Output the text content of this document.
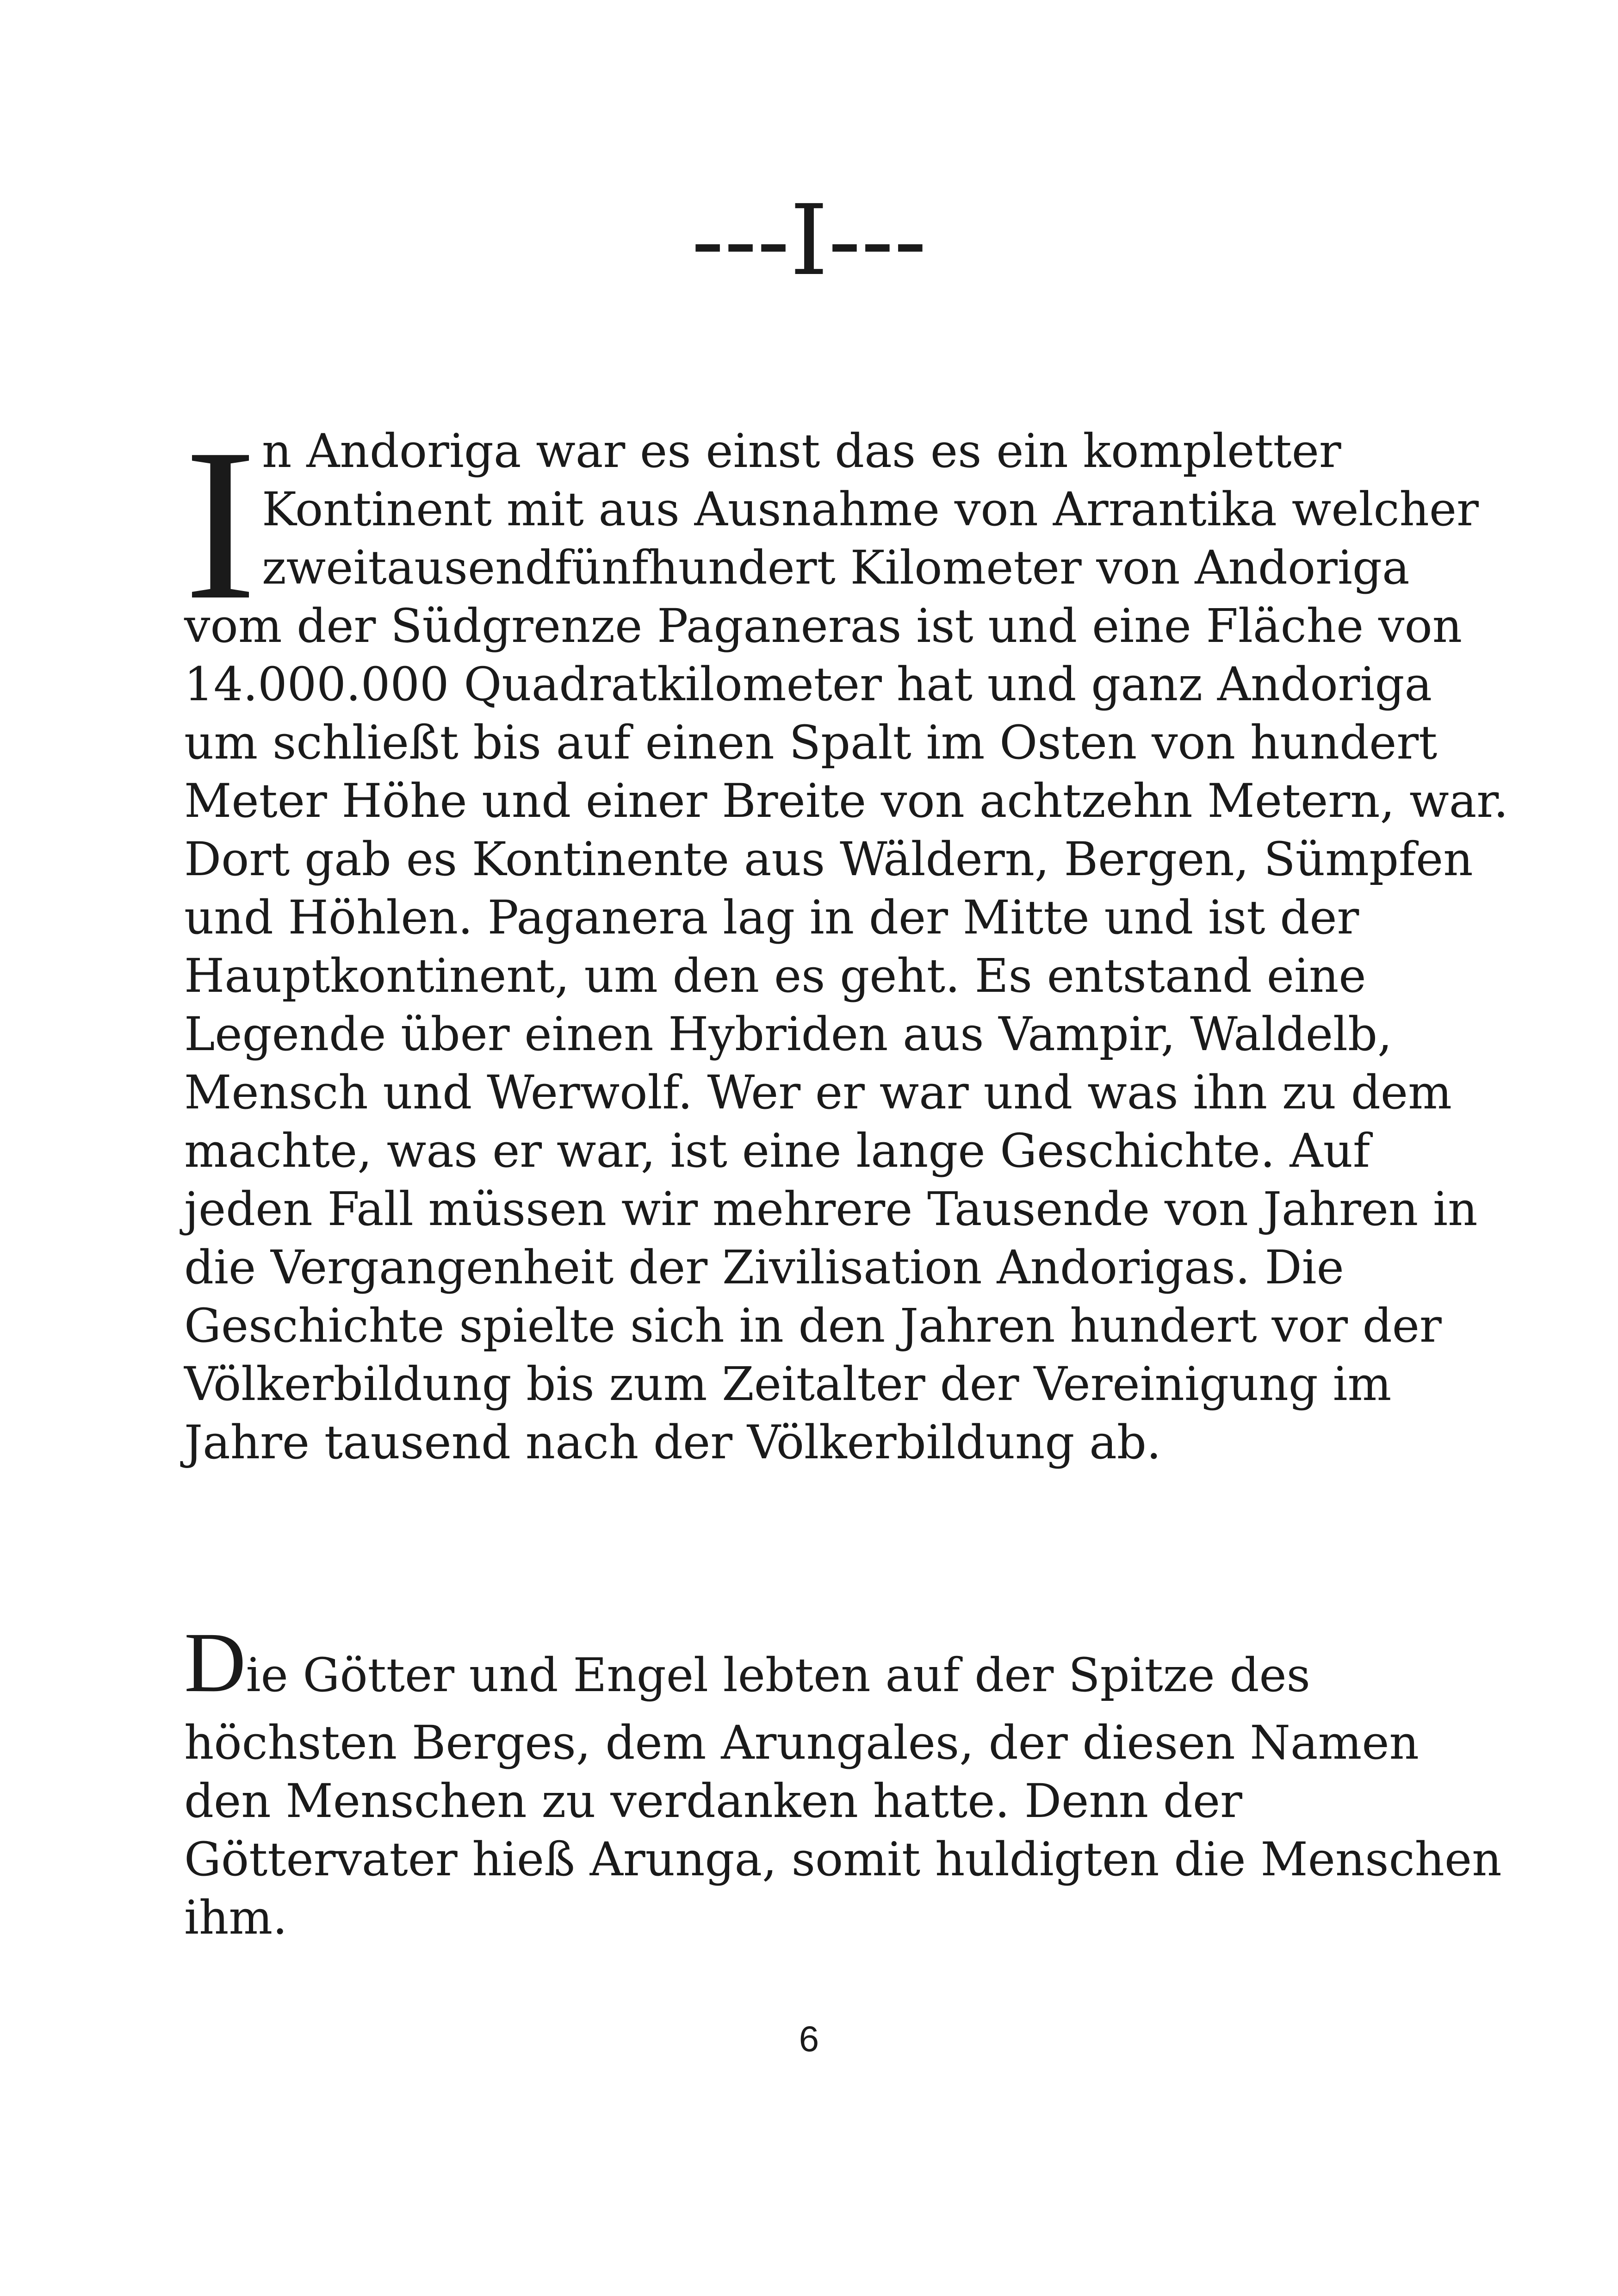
---I---
I n Andoriga war es einst das es ein kompletter
Kontinent mit aus Ausnahme von Arrantika welcher
zweitausendfünfhundert Kilometer von Andoriga
vom der Südgrenze Paganeras ist und eine Fläche von
14.000.000 Quadratkilometer hat und ganz Andoriga
um schließt bis auf einen Spalt im Osten von hundert
Meter Höhe und einer Breite von achtzehn Metern, war.
Dort gab es Kontinente aus Wäldern, Bergen, Sümpfen
und Höhlen. Paganera lag in der Mitte und ist der
Hauptkontinent, um den es geht. Es entstand eine
Legende über einen Hybriden aus Vampir, Waldelb,
Mensch und Werwolf. Wer er war und was ihn zu dem
machte, was er war, ist eine lange Geschichte. Auf
jeden Fall müssen wir mehrere Tausende von Jahren in
die Vergangenheit der Zivilisation Andorigas. Die
Geschichte spielte sich in den Jahren hundert vor der
Völkerbildung bis zum Zeitalter der Vereinigung im
Jahre tausend nach der Völkerbildung ab.

Die Götter und Engel lebten auf der Spitze des
höchsten Berges, dem Arungales, der diesen Namen
den Menschen zu verdanken hatte. Denn der
Göttervater hieß Arunga, somit huldigten die Menschen
ihm.

6
